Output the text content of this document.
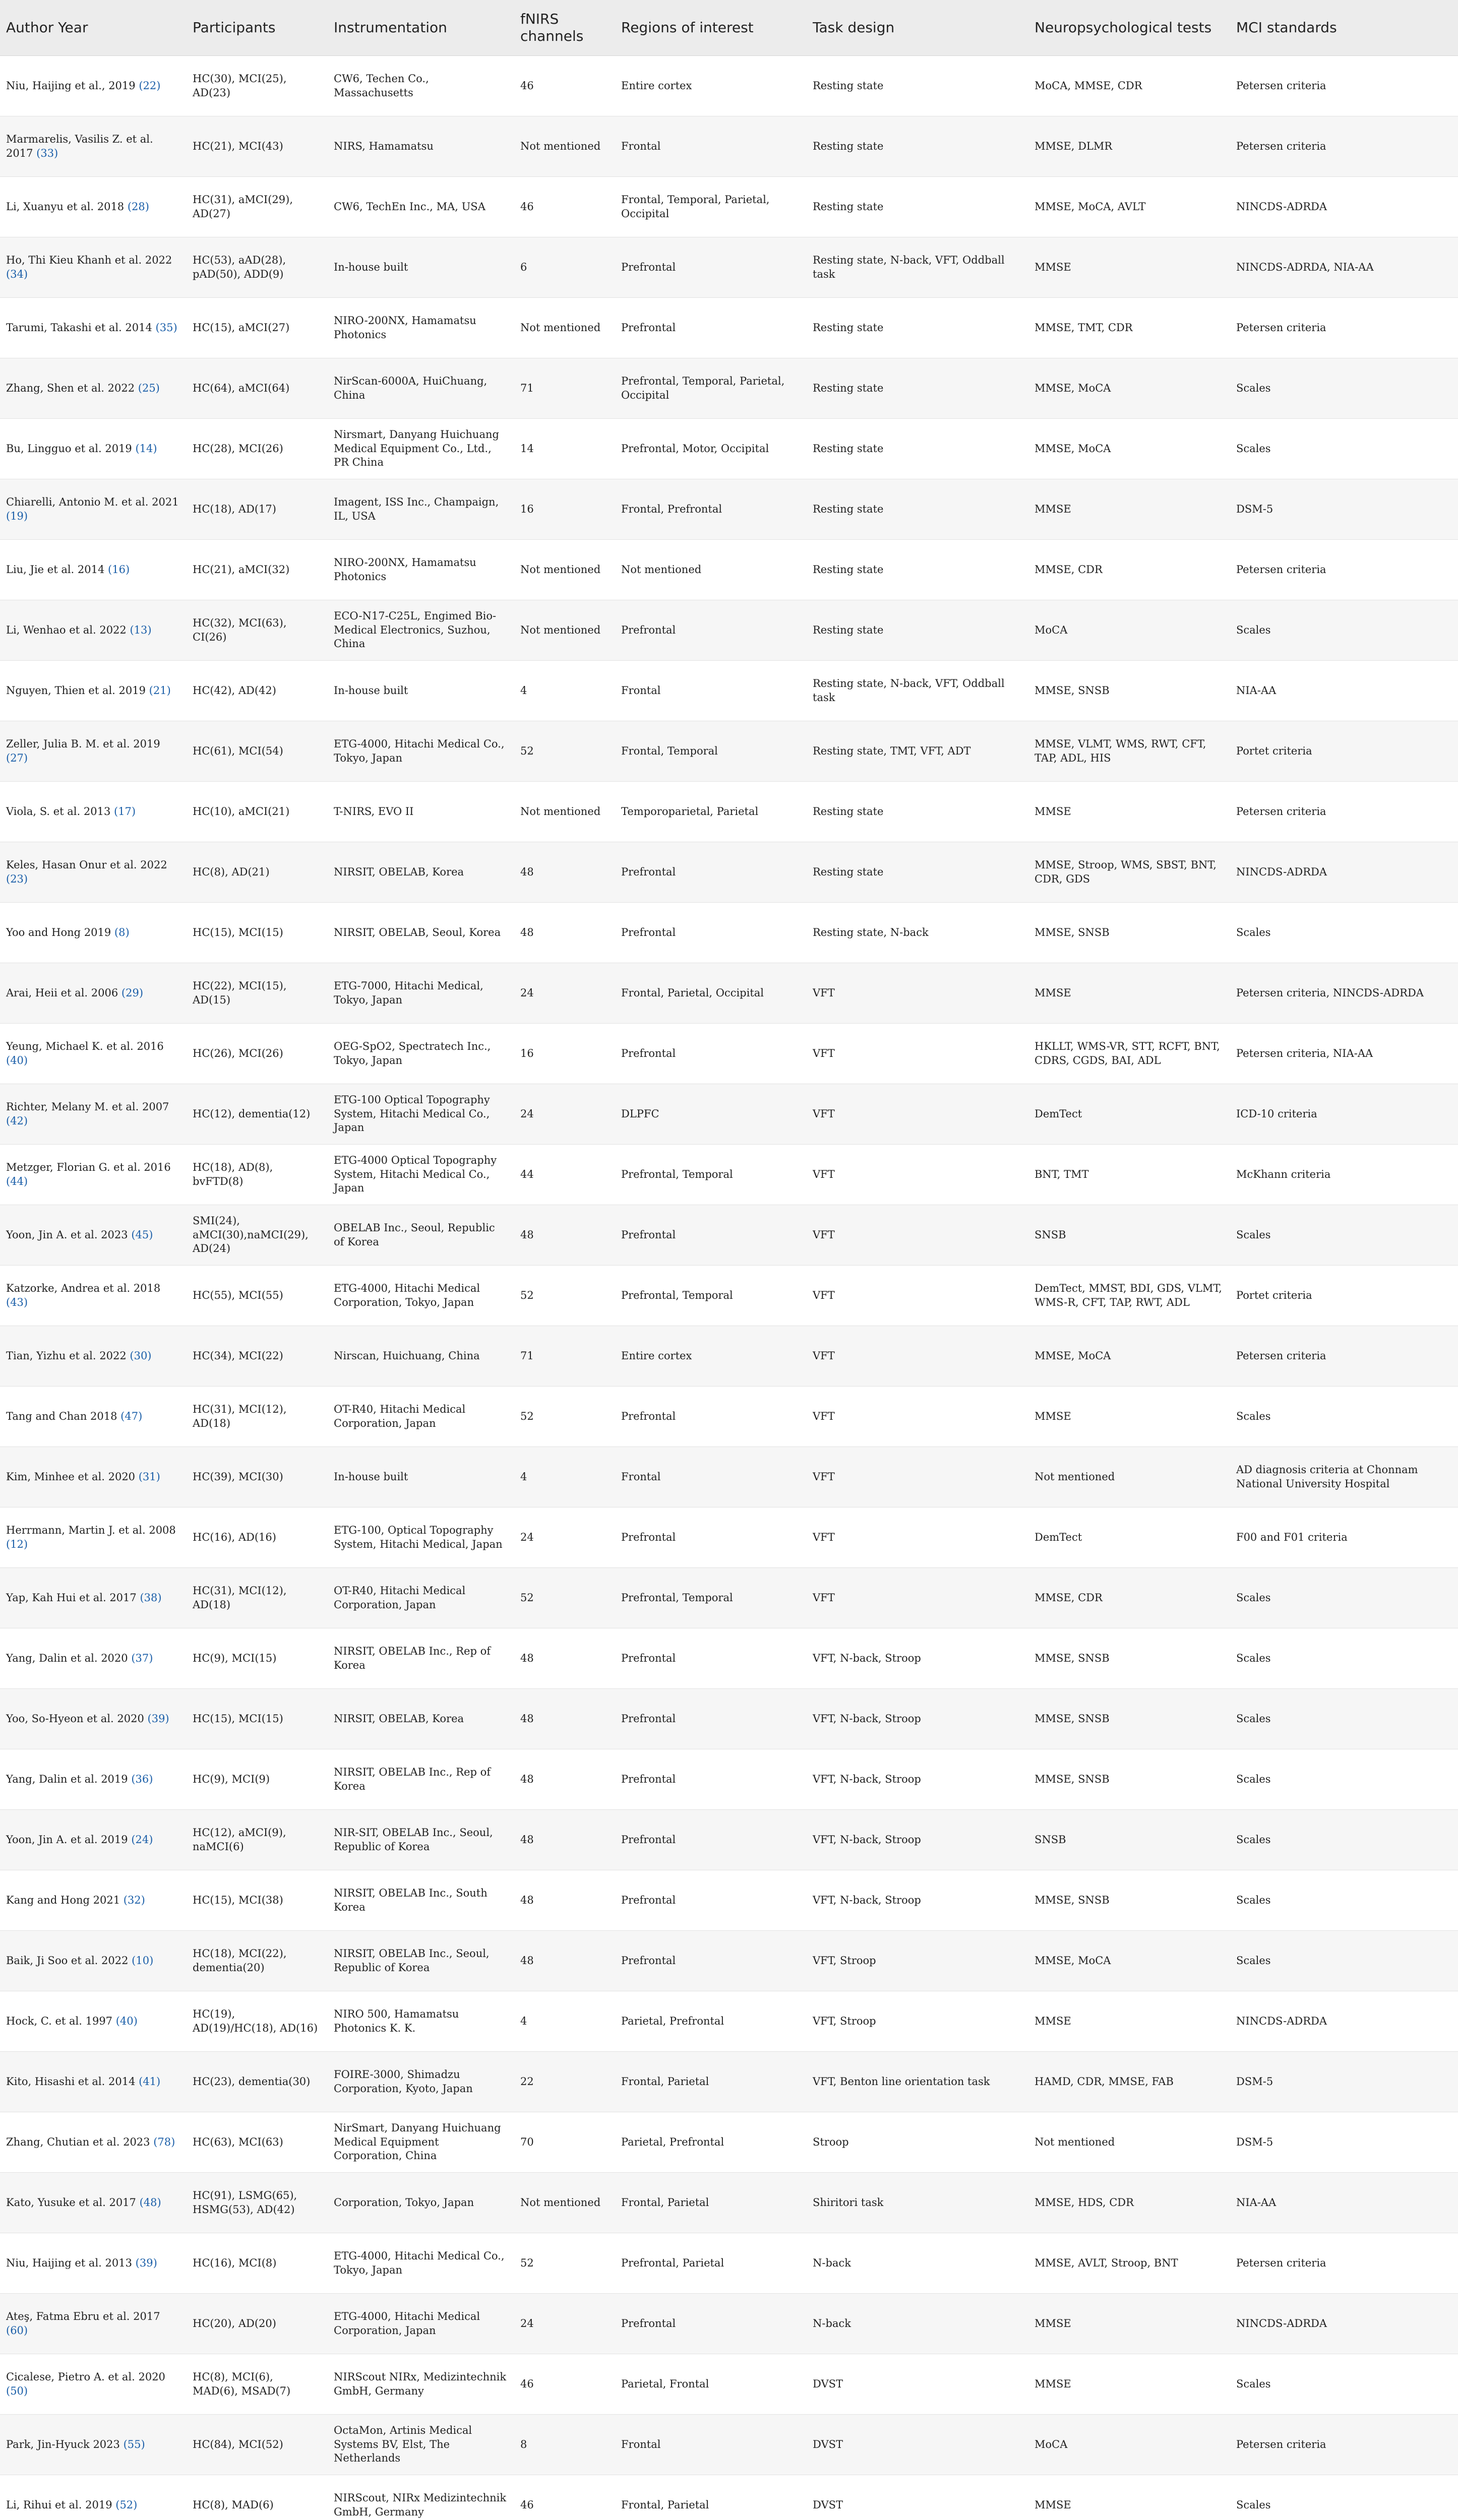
Author Year	Participants	Instrumentation	fNIRS channels	Regions of interest	Task design	Neuropsychological tests	MCI standards
Niu, Haijing et al., 2019 (22)	HC(30), MCI(25), AD(23)	CW6, Techen Co., Massachusetts	46	Entire cortex	Resting state	MoCA, MMSE, CDR	Petersen criteria
Marmarelis, Vasilis Z. et al. 2017 (33)	HC(21), MCI(43)	NIRS, Hamamatsu	Not mentioned	Frontal	Resting state	MMSE, DLMR	Petersen criteria
Li, Xuanyu et al. 2018 (28)	HC(31), aMCI(29), AD(27)	CW6, TechEn Inc., MA, USA	46	Frontal, Temporal, Parietal, Occipital	Resting state	MMSE, MoCA, AVLT	NINCDS-ADRDA
Ho, Thi Kieu Khanh et al. 2022 (34)	HC(53), aAD(28), pAD(50), ADD(9)	In-house built	6	Prefrontal	Resting state, N-back, VFT, Oddball task	MMSE	NINCDS-ADRDA, NIA-AA
Tarumi, Takashi et al. 2014 (35)	HC(15), aMCI(27)	NIRO-200NX, Hamamatsu Photonics	Not mentioned	Prefrontal	Resting state	MMSE, TMT, CDR	Petersen criteria
Zhang, Shen et al. 2022 (25)	HC(64), aMCI(64)	NirScan-6000A, HuiChuang, China	71	Prefrontal, Temporal, Parietal, Occipital	Resting state	MMSE, MoCA	Scales
Bu, Lingguo et al. 2019 (14)	HC(28), MCI(26)	Nirsmart, Danyang Huichuang Medical Equipment Co., Ltd., PR China	14	Prefrontal, Motor, Occipital	Resting state	MMSE, MoCA	Scales
Chiarelli, Antonio M. et al. 2021 (19)	HC(18), AD(17)	Imagent, ISS Inc., Champaign, IL, USA	16	Frontal, Prefrontal	Resting state	MMSE	DSM-5
Liu, Jie et al. 2014 (16)	HC(21), aMCI(32)	NIRO-200NX, Hamamatsu Photonics	Not mentioned	Not mentioned	Resting state	MMSE, CDR	Petersen criteria
Li, Wenhao et al. 2022 (13)	HC(32), MCI(63), CI(26)	ECO-N17-C25L, Engimed Bio-Medical Electronics, Suzhou, China	Not mentioned	Prefrontal	Resting state	MoCA	Scales
Nguyen, Thien et al. 2019 (21)	HC(42), AD(42)	In-house built	4	Frontal	Resting state, N-back, VFT, Oddball task	MMSE, SNSB	NIA-AA
Zeller, Julia B. M. et al. 2019 (27)	HC(61), MCI(54)	ETG-4000, Hitachi Medical Co., Tokyo, Japan	52	Frontal, Temporal	Resting state, TMT, VFT, ADT	MMSE, VLMT, WMS, RWT, CFT, TAP, ADL, HIS	Portet criteria
Viola, S. et al. 2013 (17)	HC(10), aMCI(21)	T-NIRS, EVO II	Not mentioned	Temporoparietal, Parietal	Resting state	MMSE	Petersen criteria
Keles, Hasan Onur et al. 2022 (23)	HC(8), AD(21)	NIRSIT, OBELAB, Korea	48	Prefrontal	Resting state	MMSE, Stroop, WMS, SBST, BNT, CDR, GDS	NINCDS-ADRDA
Yoo and Hong 2019 (8)	HC(15), MCI(15)	NIRSIT, OBELAB, Seoul, Korea	48	Prefrontal	Resting state, N-back	MMSE, SNSB	Scales
Arai, Heii et al. 2006 (29)	HC(22), MCI(15), AD(15)	ETG-7000, Hitachi Medical, Tokyo, Japan	24	Frontal, Parietal, Occipital	VFT	MMSE	Petersen criteria, NINCDS-ADRDA
Yeung, Michael K. et al. 2016 (40)	HC(26), MCI(26)	OEG-SpO2, Spectratech Inc., Tokyo, Japan	16	Prefrontal	VFT	HKLLT, WMS-VR, STT, RCFT, BNT, CDRS, CGDS, BAI, ADL	Petersen criteria, NIA-AA
Richter, Melany M. et al. 2007 (42)	HC(12), dementia(12)	ETG-100 Optical Topography System, Hitachi Medical Co., Japan	24	DLPFC	VFT	DemTect	ICD-10 criteria
Metzger, Florian G. et al. 2016 (44)	HC(18), AD(8), bvFTD(8)	ETG-4000 Optical Topography System, Hitachi Medical Co., Japan	44	Prefrontal, Temporal	VFT	BNT, TMT	McKhann criteria
Yoon, Jin A. et al. 2023 (45)	SMI(24), aMCI(30),naMCI(29), AD(24)	OBELAB Inc., Seoul, Republic of Korea	48	Prefrontal	VFT	SNSB	Scales
Katzorke, Andrea et al. 2018 (43)	HC(55), MCI(55)	ETG-4000, Hitachi Medical Corporation, Tokyo, Japan	52	Prefrontal, Temporal	VFT	DemTect, MMST, BDI, GDS, VLMT, WMS-R, CFT, TAP, RWT, ADL	Portet criteria
Tian, Yizhu et al. 2022 (30)	HC(34), MCI(22)	Nirscan, Huichuang, China	71	Entire cortex	VFT	MMSE, MoCA	Petersen criteria
Tang and Chan 2018 (47)	HC(31), MCI(12), AD(18)	OT-R40, Hitachi Medical Corporation, Japan	52	Prefrontal	VFT	MMSE	Scales
Kim, Minhee et al. 2020 (31)	HC(39), MCI(30)	In-house built	4	Frontal	VFT	Not mentioned	AD diagnosis criteria at Chonnam National University Hospital
Herrmann, Martin J. et al. 2008 (12)	HC(16), AD(16)	ETG-100, Optical Topography System, Hitachi Medical, Japan	24	Prefrontal	VFT	DemTect	F00 and F01 criteria
Yap, Kah Hui et al. 2017 (38)	HC(31), MCI(12), AD(18)	OT-R40, Hitachi Medical Corporation, Japan	52	Prefrontal, Temporal	VFT	MMSE, CDR	Scales
Yang, Dalin et al. 2020 (37)	HC(9), MCI(15)	NIRSIT, OBELAB Inc., Rep of Korea	48	Prefrontal	VFT, N-back, Stroop	MMSE, SNSB	Scales
Yoo, So-Hyeon et al. 2020 (39)	HC(15), MCI(15)	NIRSIT, OBELAB, Korea	48	Prefrontal	VFT, N-back, Stroop	MMSE, SNSB	Scales
Yang, Dalin et al. 2019 (36)	HC(9), MCI(9)	NIRSIT, OBELAB Inc., Rep of Korea	48	Prefrontal	VFT, N-back, Stroop	MMSE, SNSB	Scales
Yoon, Jin A. et al. 2019 (24)	HC(12), aMCI(9), naMCI(6)	NIR-SIT, OBELAB Inc., Seoul, Republic of Korea	48	Prefrontal	VFT, N-back, Stroop	SNSB	Scales
Kang and Hong 2021 (32)	HC(15), MCI(38)	NIRSIT, OBELAB Inc., South Korea	48	Prefrontal	VFT, N-back, Stroop	MMSE, SNSB	Scales
Baik, Ji Soo et al. 2022 (10)	HC(18), MCI(22), dementia(20)	NIRSIT, OBELAB Inc., Seoul, Republic of Korea	48	Prefrontal	VFT, Stroop	MMSE, MoCA	Scales
Hock, C. et al. 1997 (40)	HC(19), AD(19)/HC(18), AD(16)	NIRO 500, Hamamatsu Photonics K. K.	4	Parietal, Prefrontal	VFT, Stroop	MMSE	NINCDS-ADRDA
Kito, Hisashi et al. 2014 (41)	HC(23), dementia(30)	FOIRE-3000, Shimadzu Corporation, Kyoto, Japan	22	Frontal, Parietal	VFT, Benton line orientation task	HAMD, CDR, MMSE, FAB	DSM-5
Zhang, Chutian et al. 2023 (78)	HC(63), MCI(63)	NirSmart, Danyang Huichuang Medical Equipment Corporation, China	70	Parietal, Prefrontal	Stroop	Not mentioned	DSM-5
Kato, Yusuke et al. 2017 (48)	HC(91), LSMG(65), HSMG(53), AD(42)	Corporation, Tokyo, Japan	Not mentioned	Frontal, Parietal	Shiritori task	MMSE, HDS, CDR	NIA-AA
Niu, Haijing et al. 2013 (39)	HC(16), MCI(8)	ETG-4000, Hitachi Medical Co., Tokyo, Japan	52	Prefrontal, Parietal	N-back	MMSE, AVLT, Stroop, BNT	Petersen criteria
Ateş, Fatma Ebru et al. 2017 (60)	HC(20), AD(20)	ETG-4000, Hitachi Medical Corporation, Japan	24	Prefrontal	N-back	MMSE	NINCDS-ADRDA
Cicalese, Pietro A. et al. 2020 (50)	HC(8), MCI(6), MAD(6), MSAD(7)	NIRScout NIRx, Medizintechnik GmbH, Germany	46	Parietal, Frontal	DVST	MMSE	Scales
Park, Jin-Hyuck 2023 (55)	HC(84), MCI(52)	OctaMon, Artinis Medical Systems BV, Elst, The Netherlands	8	Frontal	DVST	MoCA	Petersen criteria
Li, Rihui et al. 2019 (52)	HC(8), MAD(6)	NIRScout, NIRx Medizintechnik GmbH, Germany	46	Frontal, Parietal	DVST	MMSE	Scales
